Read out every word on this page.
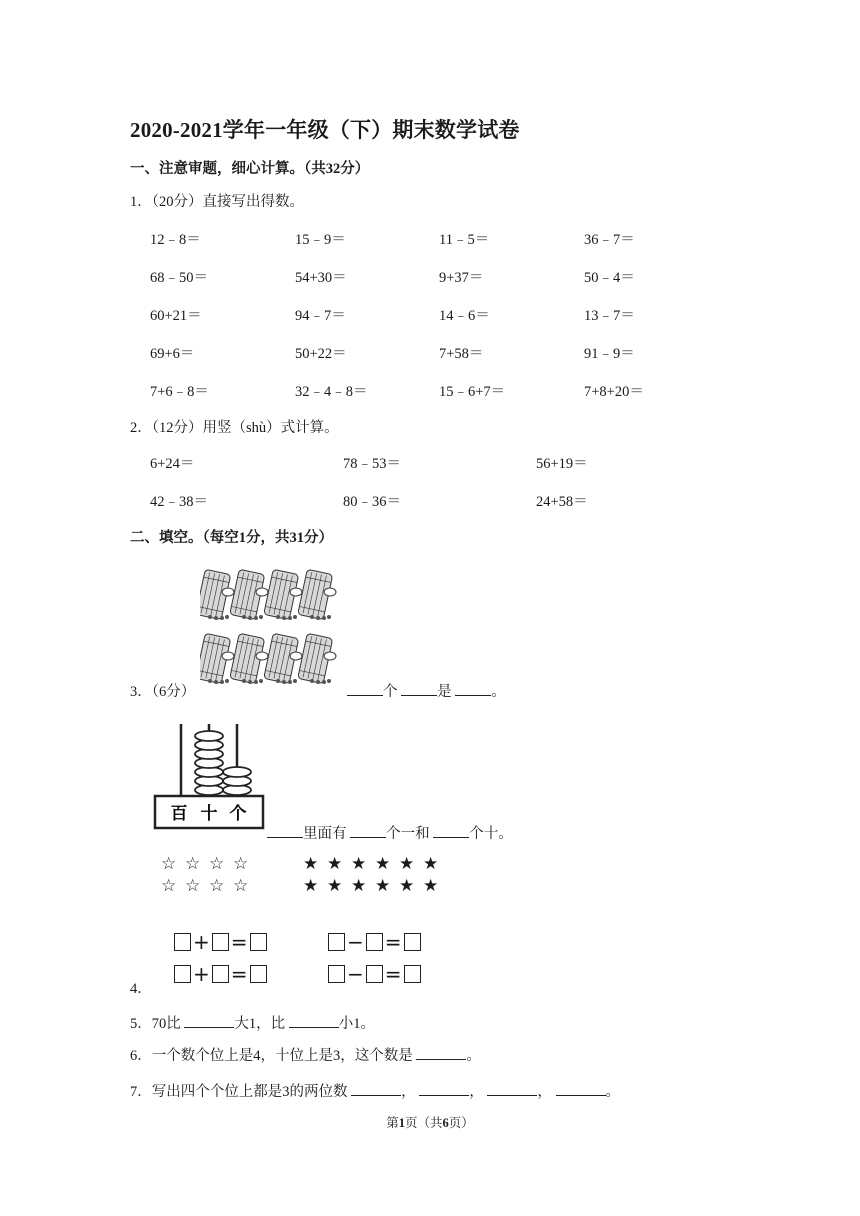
2020-2021学年一年级（下）期末数学试卷
一、注意审题，细心计算。（共32分）
1．（20分）直接写出得数。
12﹣8＝	15﹣9＝	11﹣5＝	36﹣7＝
68﹣50＝	54+30＝	9+37＝	50﹣4＝
60+21＝	94﹣7＝	14﹣6＝	13﹣7＝
69+6＝	50+22＝	7+58＝	91﹣9＝
7+6﹣8＝	32﹣4﹣8＝	15﹣6+7＝	7+8+20＝
2．（12分）用竖（shù）式计算。
6+24＝	78﹣53＝	56+19＝
42﹣38＝	80﹣36＝	24+58＝
二、填空。（每空1分，共31分）
3．（6分）	个	是	。
百 十 个
里面有	个一和	个十。
☆ ☆ ☆ ☆	★ ★ ★ ★ ★ ★
☆ ☆ ☆ ☆	★ ★ ★ ★ ★ ★
+ =
+ =
− =
− =
4．
5．70比	大1，比	小1。
6．一个数个位上是4，十位上是3，这个数是	。
7．写出四个个位上都是3的两位数	，	，	，	。
第1页（共6页）
